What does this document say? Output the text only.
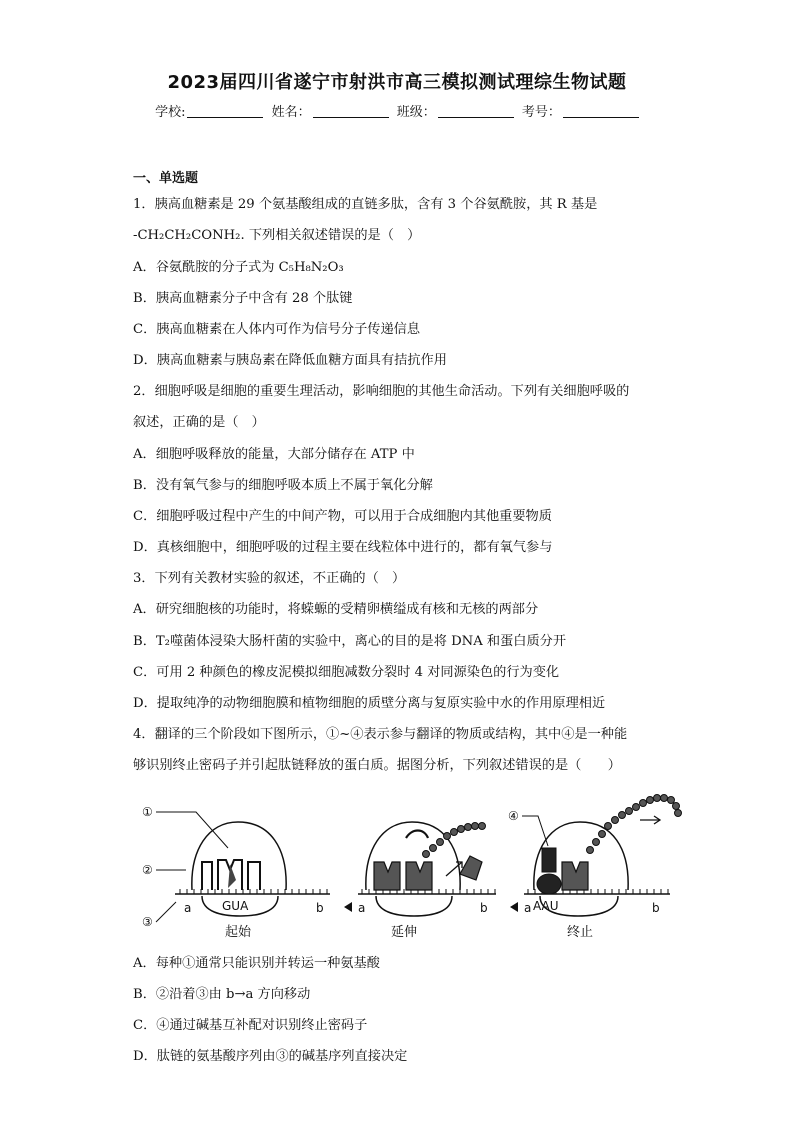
2023届四川省遂宁市射洪市高三模拟测试理综生物试题
学校:	姓名：	班级：	考号：
一、单选题
1．胰高血糖素是 29 个氨基酸组成的直链多肽，含有 3 个谷氨酰胺，其 R 基是
-CH₂CH₂CONH₂. 下列相关叙述错误的是（　）
A．谷氨酰胺的分子式为 C₅H₈N₂O₃
B．胰高血糖素分子中含有 28 个肽键
C．胰高血糖素在人体内可作为信号分子传递信息
D．胰高血糖素与胰岛素在降低血糖方面具有拮抗作用
2．细胞呼吸是细胞的重要生理活动，影响细胞的其他生命活动。下列有关细胞呼吸的
叙述，正确的是（　）
A．细胞呼吸释放的能量，大部分储存在 ATP 中
B．没有氧气参与的细胞呼吸本质上不属于氧化分解
C．细胞呼吸过程中产生的中间产物，可以用于合成细胞内其他重要物质
D．真核细胞中，细胞呼吸的过程主要在线粒体中进行的，都有氧气参与
3．下列有关教材实验的叙述，不正确的（　）
A．研究细胞核的功能时，将蝾螈的受精卵横缢成有核和无核的两部分
B．T₂噬菌体浸染大肠杆菌的实验中，离心的目的是将 DNA 和蛋白质分开
C．可用 2 种颜色的橡皮泥模拟细胞减数分裂时 4 对同源染色的行为变化
D．提取纯净的动物细胞膜和植物细胞的质壁分离与复原实验中水的作用原理相近
4．翻译的三个阶段如下图所示，①~④表示参与翻译的物质或结构，其中④是一种能
够识别终止密码子并引起肽链释放的蛋白质。据图分析，下列叙述错误的是（　　）
①
②
③
④
GUA	AAU
a	b	a	b	a	b
起始	延伸	终止
A．每种①通常只能识别并转运一种氨基酸
B．②沿着③由 b→a 方向移动
C．④通过碱基互补配对识别终止密码子
D．肽链的氨基酸序列由③的碱基序列直接决定
